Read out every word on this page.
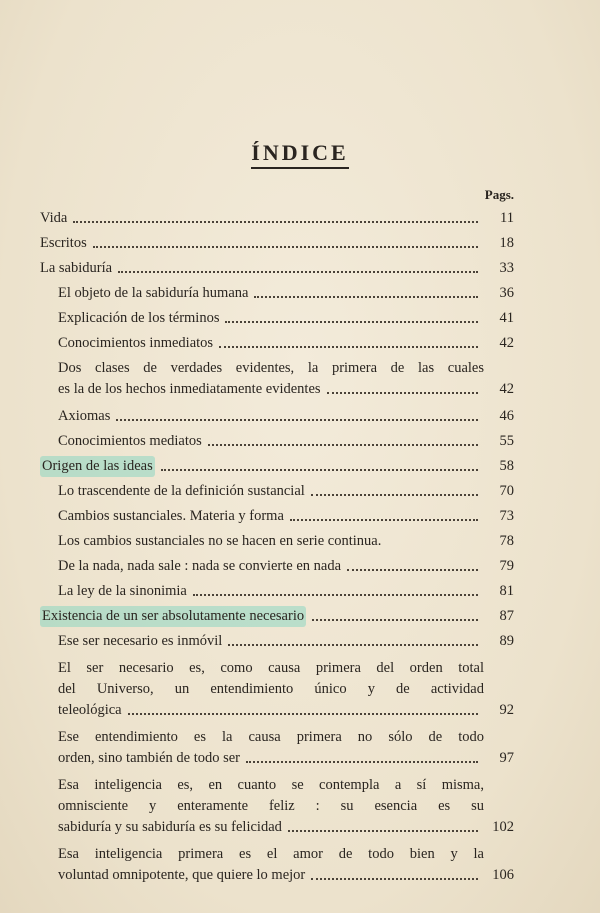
ÍNDICE
Pags.
Vida	11
Escritos	18
La sabiduría	33
El objeto de la sabiduría humana	36
Explicación de los términos	41
Conocimientos inmediatos	42
Dos clases de verdades evidentes, la primera de las cuales
es la de los hechos inmediatamente evidentes	42
Axiomas	46
Conocimientos mediatos	55
Origen de las ideas	58
Lo trascendente de la definición sustancial	70
Cambios sustanciales. Materia y forma	73
Los cambios sustanciales no se hacen en serie continua.	78
De la nada, nada sale : nada se convierte en nada	79
La ley de la sinonimia	81
Existencia de un ser absolutamente necesario	87
Ese ser necesario es inmóvil	89
El ser necesario es, como causa primera del orden total
del Universo, un entendimiento único y de actividad
teleológica	92
Ese entendimiento es la causa primera no sólo de todo
orden, sino también de todo ser	97
Esa inteligencia es, en cuanto se contempla a sí misma,
omnisciente y enteramente feliz : su esencia es su
sabiduría y su sabiduría es su felicidad	102
Esa inteligencia primera es el amor de todo bien y la
voluntad omnipotente, que quiere lo mejor	106
